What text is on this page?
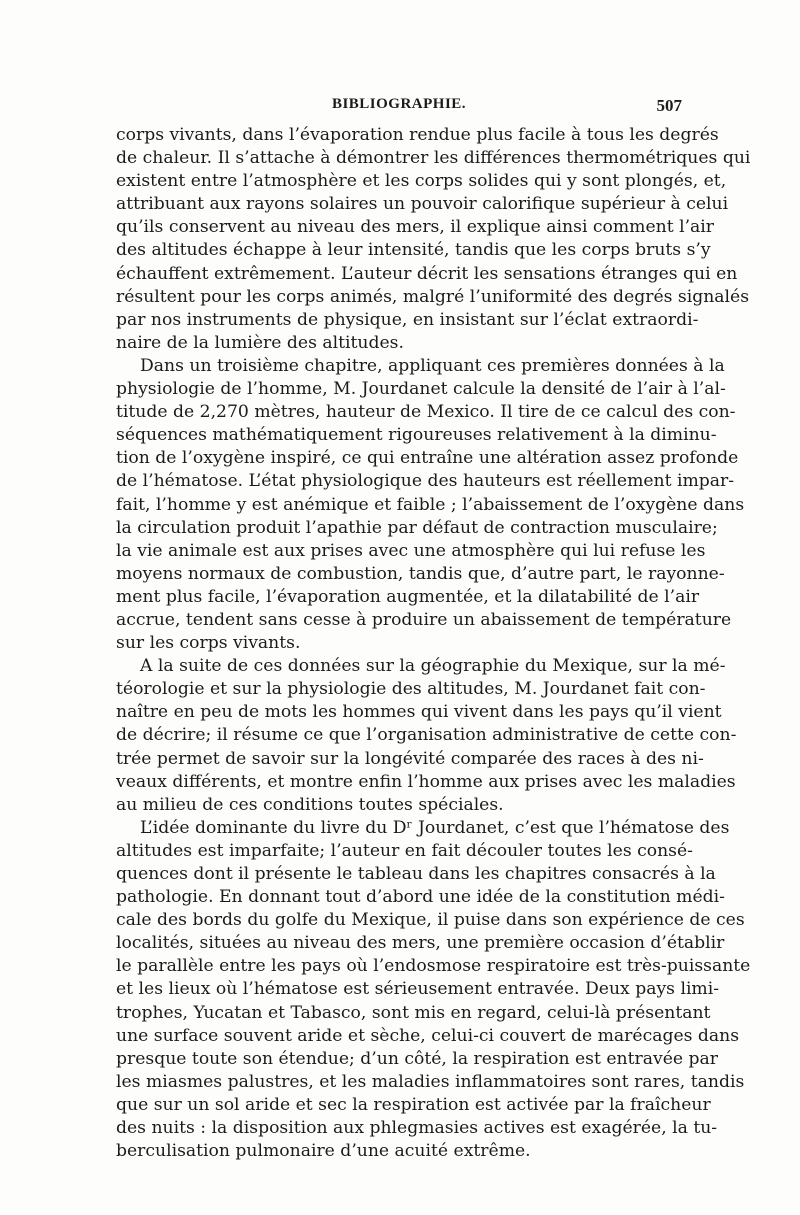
BIBLIOGRAPHIE.	507
corps vivants, dans l’évaporation rendue plus facile à tous les degrés
de chaleur. Il s’attache à démontrer les différences thermométriques qui
existent entre l’atmosphère et les corps solides qui y sont plongés, et,
attribuant aux rayons solaires un pouvoir calorifique supérieur à celui
qu’ils conservent au niveau des mers, il explique ainsi comment l’air
des altitudes échappe à leur intensité, tandis que les corps bruts s’y
échauffent extrêmement. L’auteur décrit les sensations étranges qui en
résultent pour les corps animés, malgré l’uniformité des degrés signalés
par nos instruments de physique, en insistant sur l’éclat extraordi-
naire de la lumière des altitudes.
Dans un troisième chapitre, appliquant ces premières données à la
physiologie de l’homme, M. Jourdanet calcule la densité de l’air à l’al-
titude de 2,270 mètres, hauteur de Mexico. Il tire de ce calcul des con-
séquences mathématiquement rigoureuses relativement à la diminu-
tion de l’oxygène inspiré, ce qui entraîne une altération assez profonde
de l’hématose. L’état physiologique des hauteurs est réellement impar-
fait, l’homme y est anémique et faible ; l’abaissement de l’oxygène dans
la circulation produit l’apathie par défaut de contraction musculaire;
la vie animale est aux prises avec une atmosphère qui lui refuse les
moyens normaux de combustion, tandis que, d’autre part, le rayonne-
ment plus facile, l’évaporation augmentée, et la dilatabilité de l’air
accrue, tendent sans cesse à produire un abaissement de température
sur les corps vivants.
A la suite de ces données sur la géographie du Mexique, sur la mé-
téorologie et sur la physiologie des altitudes, M. Jourdanet fait con-
naître en peu de mots les hommes qui vivent dans les pays qu’il vient
de décrire; il résume ce que l’organisation administrative de cette con-
trée permet de savoir sur la longévité comparée des races à des ni-
veaux différents, et montre enfin l’homme aux prises avec les maladies
au milieu de ces conditions toutes spéciales.
L’idée dominante du livre du Dʳ Jourdanet, c’est que l’hématose des
altitudes est imparfaite; l’auteur en fait découler toutes les consé-
quences dont il présente le tableau dans les chapitres consacrés à la
pathologie. En donnant tout d’abord une idée de la constitution médi-
cale des bords du golfe du Mexique, il puise dans son expérience de ces
localités, situées au niveau des mers, une première occasion d’établir
le parallèle entre les pays où l’endosmose respiratoire est très-puissante
et les lieux où l’hématose est sérieusement entravée. Deux pays limi-
trophes, Yucatan et Tabasco, sont mis en regard, celui-là présentant
une surface souvent aride et sèche, celui-ci couvert de marécages dans
presque toute son étendue; d’un côté, la respiration est entravée par
les miasmes palustres, et les maladies inflammatoires sont rares, tandis
que sur un sol aride et sec la respiration est activée par la fraîcheur
des nuits : la disposition aux phlegmasies actives est exagérée, la tu-
berculisation pulmonaire d’une acuité extrême.
